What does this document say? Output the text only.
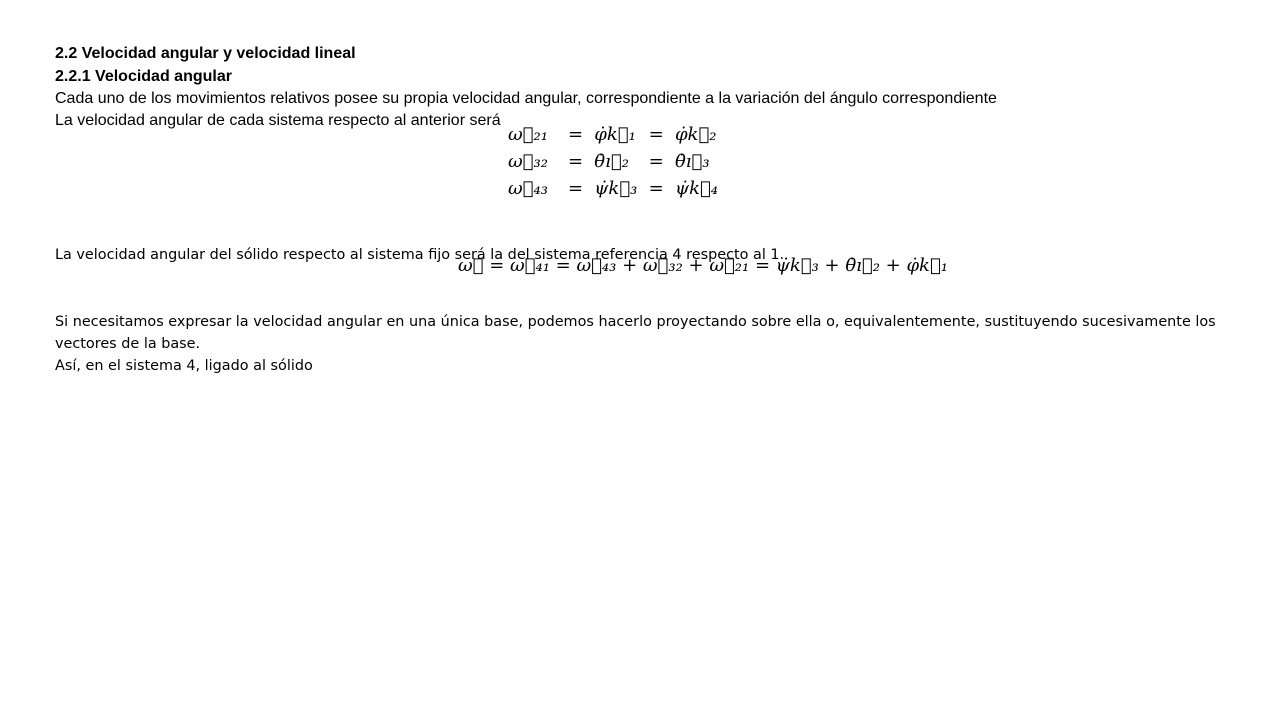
2.2 Velocidad angular y velocidad lineal
2.2.1 Velocidad angular
Cada uno de los movimientos relativos posee su propia velocidad angular, correspondiente a la variación del ángulo correspondiente
La velocidad angular de cada sistema respecto al anterior será
ω⃗₂₁	=	φ̇k⃗₁	=	φ̇k⃗₂
ω⃗₃₂	=	θ̇ı⃗₂	=	θ̇ı⃗₃
ω⃗₄₃	=	ψ̇k⃗₃	=	ψ̇k⃗₄
La velocidad angular del sólido respecto al sistema fijo será la del sistema referencia 4 respecto al 1.
ω⃗ = ω⃗₄₁ = ω⃗₄₃ + ω⃗₃₂ + ω⃗₂₁ = ψ̇k⃗₃ + θ̇ı⃗₂ + φ̇k⃗₁
Si necesitamos expresar la velocidad angular en una única base, podemos hacerlo proyectando sobre ella o, equivalentemente, sustituyendo sucesivamente los vectores de la base.
Así, en el sistema 4, ligado al sólido
